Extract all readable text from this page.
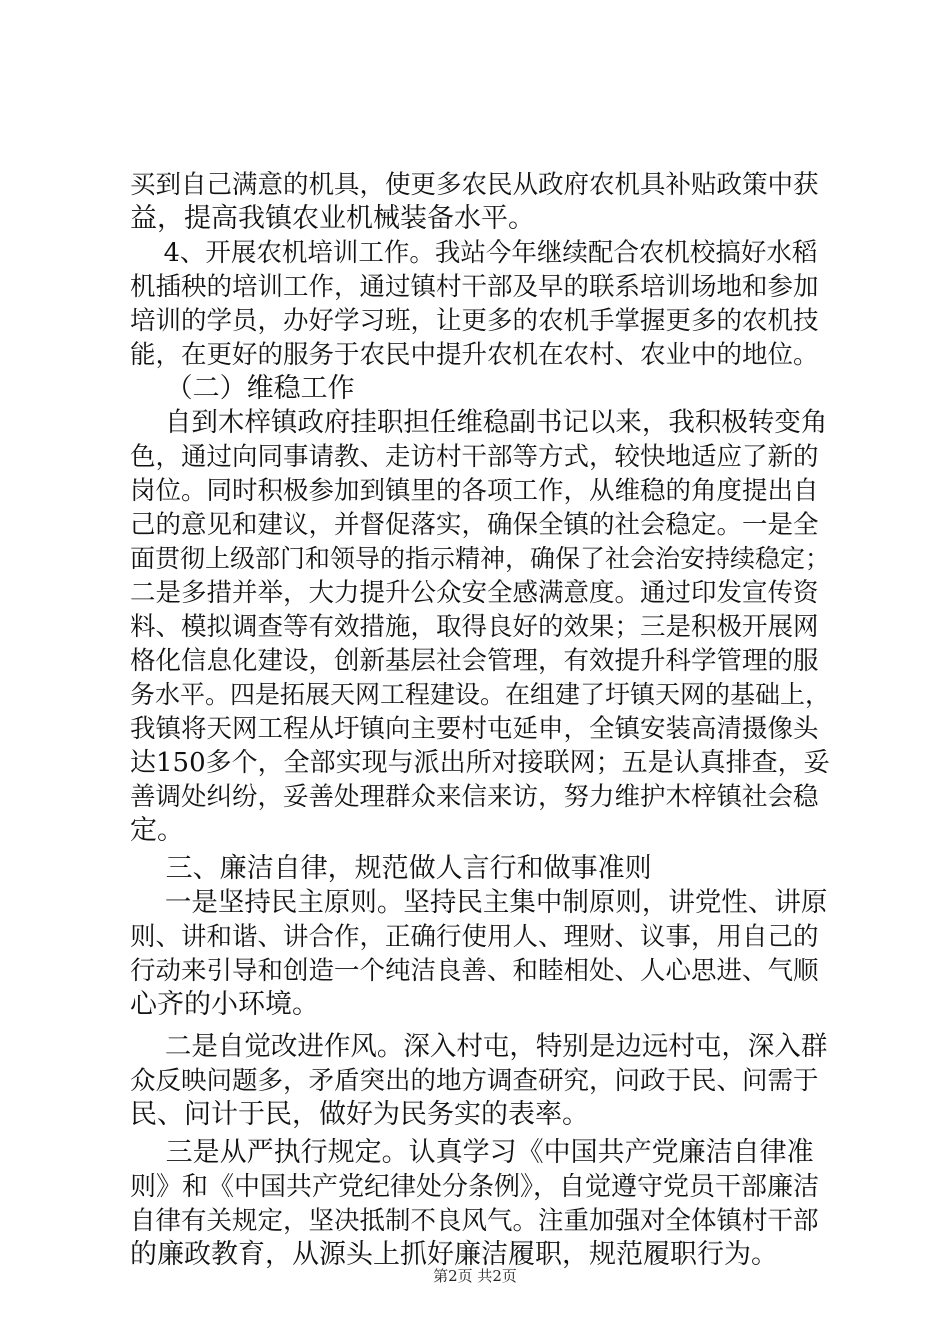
买到自己满意的机具，使更多农民从政府农机具补贴政策中获
益，提高我镇农业机械装备水平。
　 4、开展农机培训工作。我站今年继续配合农机校搞好水稻
机插秧的培训工作，通过镇村干部及早的联系培训场地和参加
培训的学员，办好学习班，让更多的农机手掌握更多的农机技
能，在更好的服务于农民中提升农机在农村、农业中的地位。
　 （二）维稳工作
　 自到木梓镇政府挂职担任维稳副书记以来，我积极转变角
色，通过向同事请教、走访村干部等方式，较快地适应了新的
岗位。同时积极参加到镇里的各项工作，从维稳的角度提出自
己的意见和建议，并督促落实，确保全镇的社会稳定。一是全
面贯彻上级部门和领导的指示精神，确保了社会治安持续稳定；
二是多措并举，大力提升公众安全感满意度。通过印发宣传资
料、模拟调查等有效措施，取得良好的效果；三是积极开展网
格化信息化建设，创新基层社会管理，有效提升科学管理的服
务水平。四是拓展天网工程建设。在组建了圩镇天网的基础上，
我镇将天网工程从圩镇向主要村屯延申，全镇安装高清摄像头
达150多个，全部实现与派出所对接联网；五是认真排查，妥
善调处纠纷，妥善处理群众来信来访，努力维护木梓镇社会稳
定。
　 三、廉洁自律，规范做人言行和做事准则
　 一是坚持民主原则。坚持民主集中制原则，讲党性、讲原
则、讲和谐、讲合作，正确行使用人、理财、议事，用自己的
行动来引导和创造一个纯洁良善、和睦相处、人心思进、气顺
心齐的小环境。
　 二是自觉改进作风。深入村屯，特别是边远村屯，深入群
众反映问题多，矛盾突出的地方调查研究，问政于民、问需于
民、问计于民，做好为民务实的表率。
　 三是从严执行规定。认真学习《中国共产党廉洁自律准
则》和《中国共产党纪律处分条例》，自觉遵守党员干部廉洁
自律有关规定，坚决抵制不良风气。注重加强对全体镇村干部
的廉政教育，从源头上抓好廉洁履职，规范履职行为。
第2页 共2页
